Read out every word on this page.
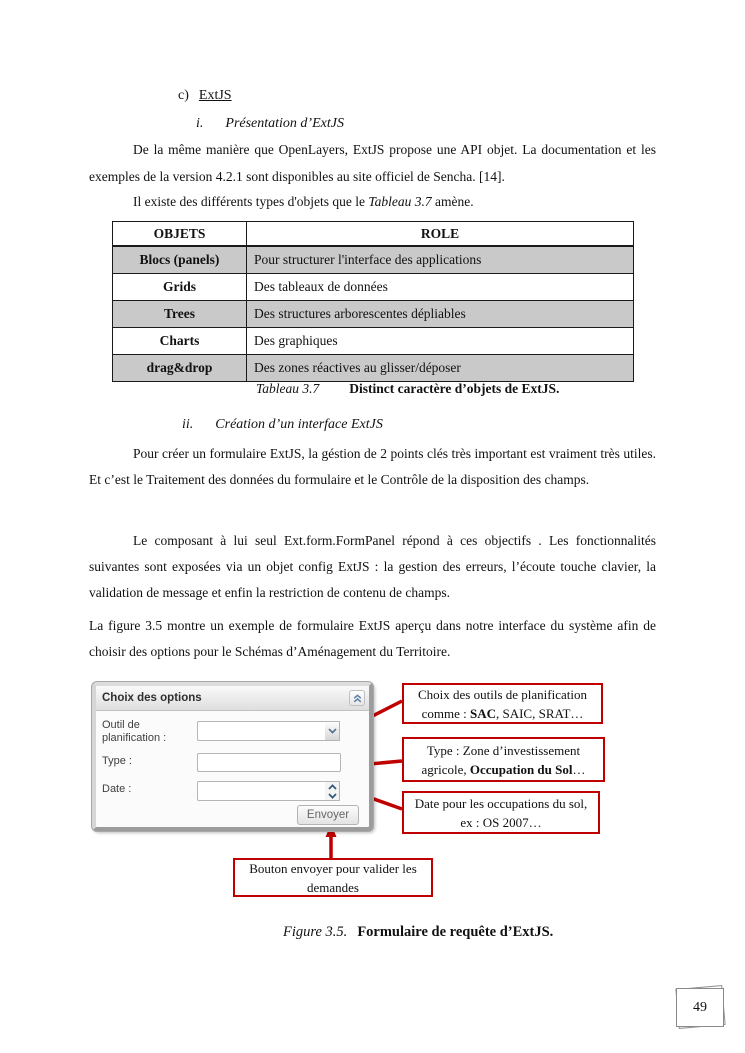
c) ExtJS
i. Présentation d’ExtJS
De la même manière que OpenLayers, ExtJS propose une API objet. La documentation et les exemples de la version 4.2.1 sont disponibles au site officiel de Sencha. [14].
Il existe des différents types d'objets que le Tableau 3.7 amène.
OBJETS	ROLE
Blocs (panels)	Pour structurer l'interface des applications
Grids	Des tableaux de données
Trees	Des structures arborescentes dépliables
Charts	Des graphiques
drag&drop	Des zones réactives au glisser/déposer
Tableau 3.7 Distinct caractère d’objets de ExtJS.
ii. Création d’un interface ExtJS
Pour créer un formulaire ExtJS, la géstion de 2 points clés très important est vraiment très utiles. Et c’est le Traitement des données du formulaire et le Contrôle de la disposition des champs.
Le composant à lui seul Ext.form.FormPanel répond à ces objectifs . Les fonctionnalités suivantes sont exposées via un objet config ExtJS : la gestion des erreurs, l’écoute touche clavier, la validation de message et enfin la restriction de contenu de champs.
La figure 3.5 montre un exemple de formulaire ExtJS aperçu dans notre interface du système afin de choisir des options pour le Schémas d’Aménagement du Territoire.
Choix des options
Outil de planification :
Type :
Date :
Envoyer
Choix des outils de planification comme : SAC, SAIC, SRAT…
Type : Zone d’investissement agricole, Occupation du Sol…
Date pour les occupations du sol, ex : OS 2007…
Bouton envoyer pour valider les demandes
Figure 3.5. Formulaire de requête d’ExtJS.
49
